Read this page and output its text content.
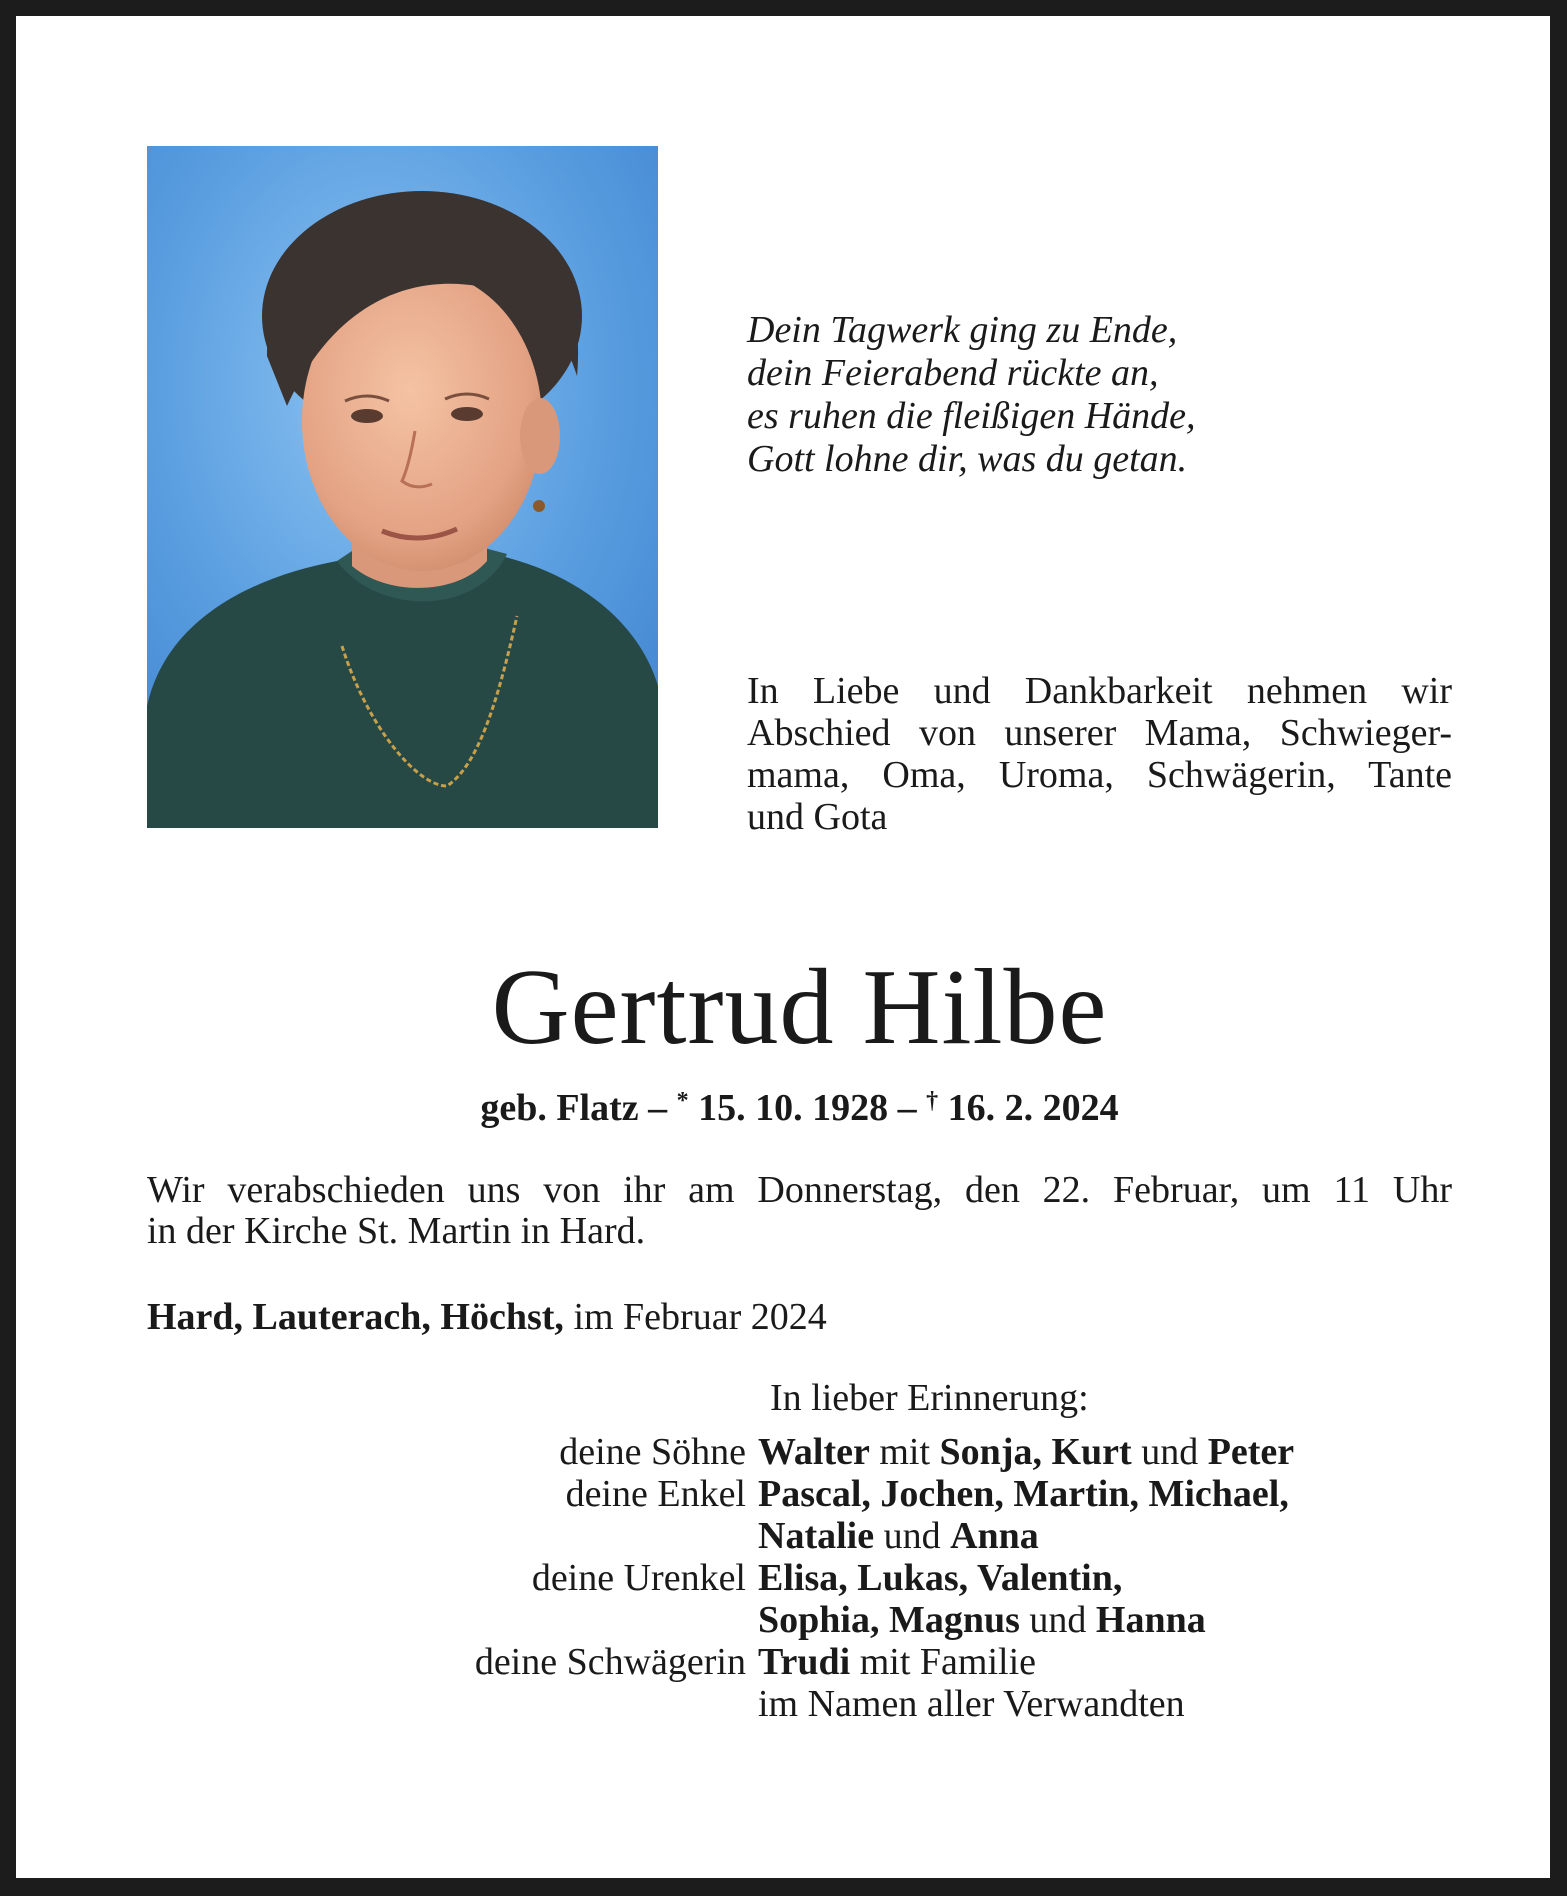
Dein Tagwerk ging zu Ende,
dein Feierabend rückte an,
es ruhen die fleißigen Hände,
Gott lohne dir, was du getan.
In Liebe und Dankbarkeit nehmen wir
Abschied von unserer Mama, Schwieger-
mama, Oma, Uroma, Schwägerin, Tante
und Gota
Gertrud Hilbe
geb. Flatz – * 15. 10. 1928 – † 16. 2. 2024
Wir verabschieden uns von ihr am Donnerstag, den 22. Februar, um 11 Uhr
in der Kirche St. Martin in Hard.
Hard, Lauterach, Höchst, im Februar 2024
In lieber Erinnerung:
deine Söhne Walter mit Sonja, Kurt und Peter
deine Enkel Pascal, Jochen, Martin, Michael,
Natalie und Anna
deine Urenkel Elisa, Lukas, Valentin,
Sophia, Magnus und Hanna
deine Schwägerin Trudi mit Familie
im Namen aller Verwandten
